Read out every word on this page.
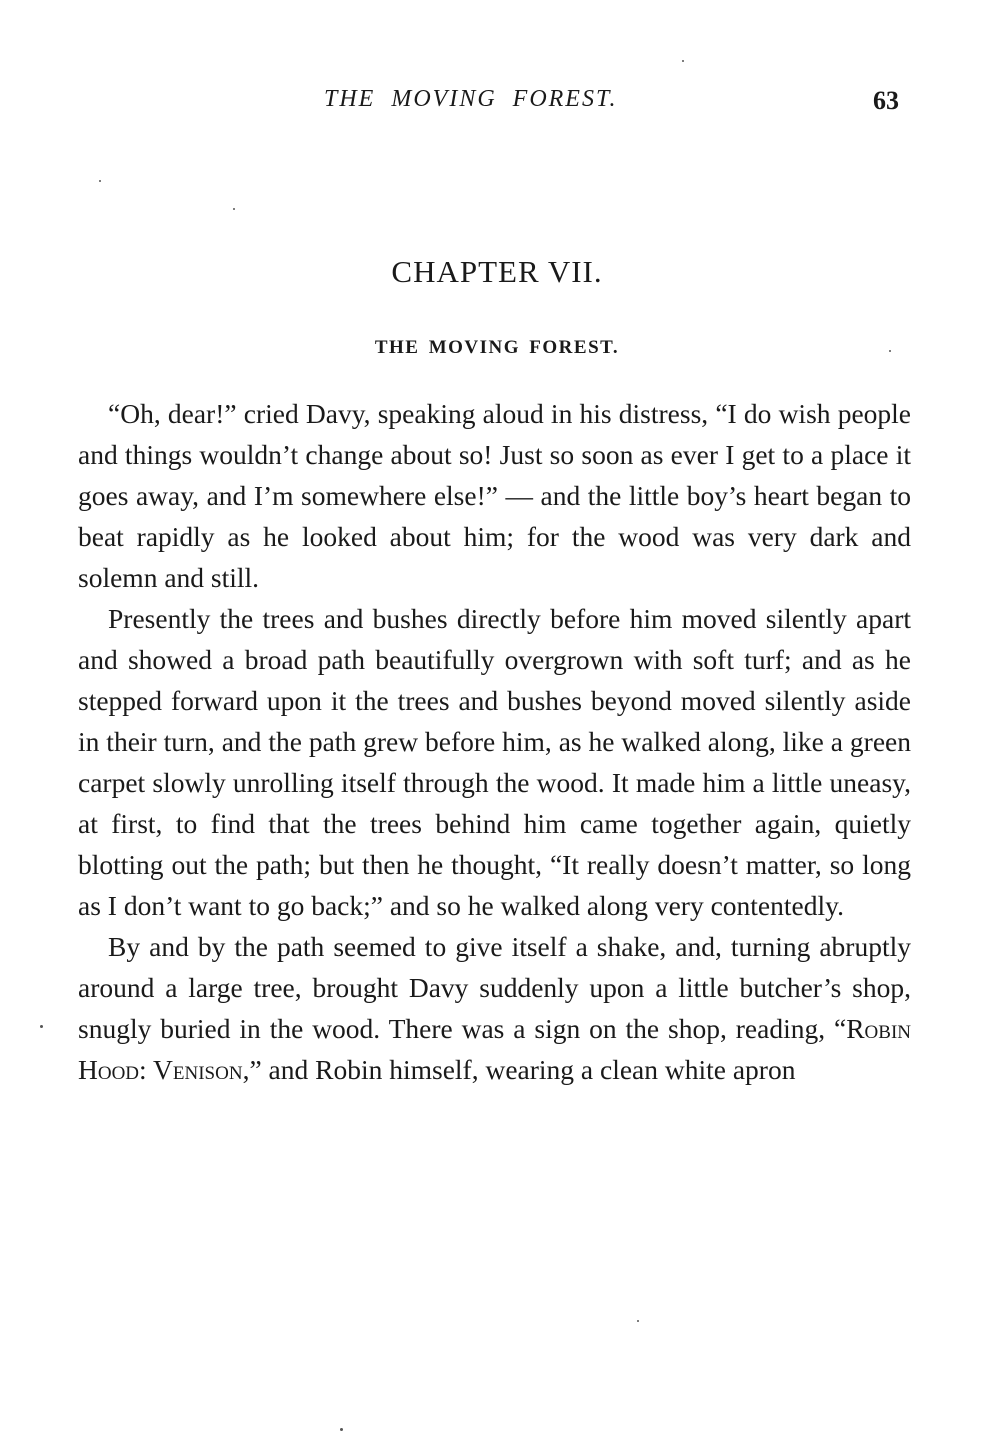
THE MOVING FOREST.	63
CHAPTER VII.
THE MOVING FOREST.

“Oh, dear!” cried Davy, speaking aloud in his distress, “I do wish people and things wouldn’t change about so! Just so soon as ever I get to a place it goes away, and I’m somewhere else!” — and the little boy’s heart began to beat rapidly as he looked about him; for the wood was very dark and solemn and still.

Presently the trees and bushes directly before him moved silently apart and showed a broad path beautifully overgrown with soft turf; and as he stepped forward upon it the trees and bushes beyond moved silently aside in their turn, and the path grew before him, as he walked along, like a green carpet slowly unrolling itself through the wood. It made him a little uneasy, at first, to find that the trees behind him came together again, quietly blotting out the path; but then he thought, “It really doesn’t matter, so long as I don’t want to go back;” and so he walked along very contentedly.

By and by the path seemed to give itself a shake, and, turning abruptly around a large tree, brought Davy suddenly upon a little butcher’s shop, snugly buried in the wood. There was a sign on the shop, reading, “Robin Hood: Venison,” and Robin himself, wearing a clean white apron
